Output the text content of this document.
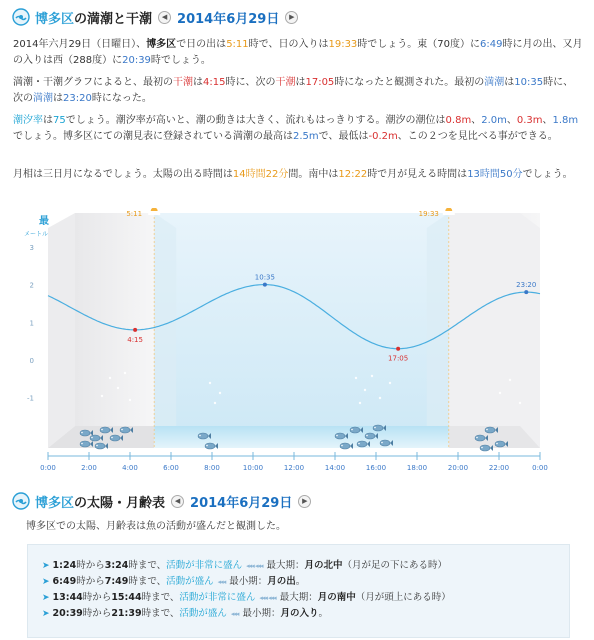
博多区の満潮と干潮	◀ 2014年6月29日	▶

2014年六月29日（日曜日）、博多区で日の出は5:11時で、日の入りは19:33時でしょう。東（70度）に6:49時に月の出、又月の入りは西（288度）に20:39時でしょう。

満潮・干潮グラフによると、最初の干潮は4:15時に、次の干潮は17:05時になったと観測された。最初の満潮は10:35時に、次の満潮は23:20時になった。

潮汐率は75でしょう。潮汐率が高いと、潮の動きは大きく、流れもはっきりする。潮汐の潮位は0.8m、2.0m、0.3m、1.8mでしょう。博多区にての潮見表に登録されている満潮の最高は2.5mで、最低は-0.2m、この２つを見比べる事ができる。

月相は三日月になるでしょう。太陽の出る時間は14時間22分間。南中は12:22時で月が見える時間は13時間50分でしょう。

最
メートル
3
2
1
0
-1
0:00	2:00	4:00	6:00	8:00	10:00	12:00	14:00	16:00	18:00	20:00	22:00	0:00
5:11	19:33
4:15
10:35
17:05
23:20
博多区の太陽・月齢表	◀ 2014年6月29日	▶

博多区での太陽、月齢表は魚の活動が盛んだと観測した。

➤ 1:24時から3:24時まで、活動が非常に盛ん ◂◂◂ ◂◂◂ 最大期：月の北中（月が足の下にある時）
➤ 6:49時から7:49時まで、活動が盛ん ◂◂◂ 最小期：月の出。
➤ 13:44時から15:44時まで、活動が非常に盛ん ◂◂◂ ◂◂◂ 最大期：月の南中（月が頭上にある時）
➤ 20:39時から21:39時まで、活動が盛ん ◂◂◂ 最小期：月の入り。
